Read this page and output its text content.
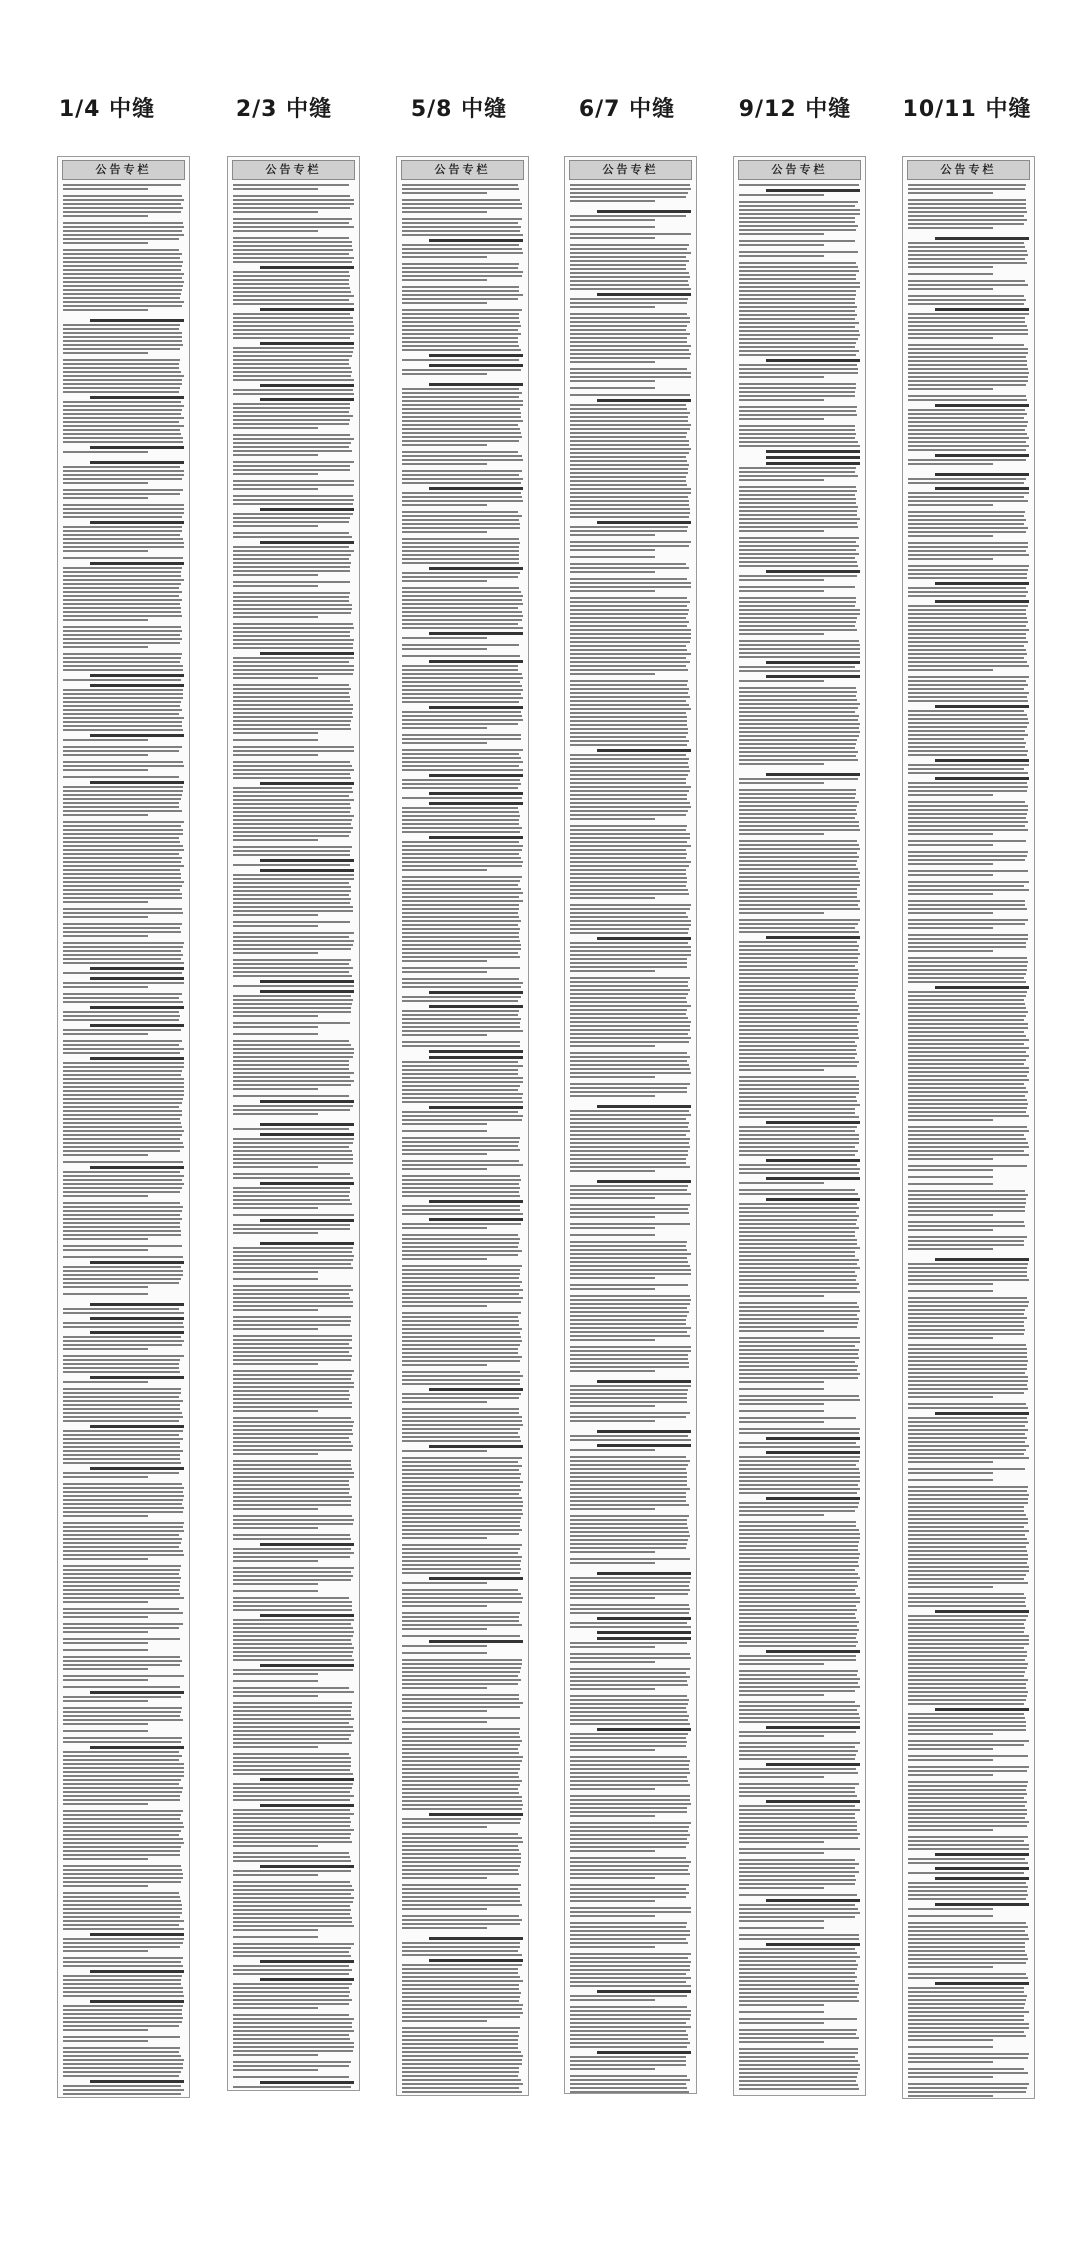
1/4 中缝	2/3 中缝	5/8 中缝	6/7 中缝	9/12 中缝	10/11 中缝
公告专栏	公告专栏	公告专栏	公告专栏	公告专栏	公告专栏
